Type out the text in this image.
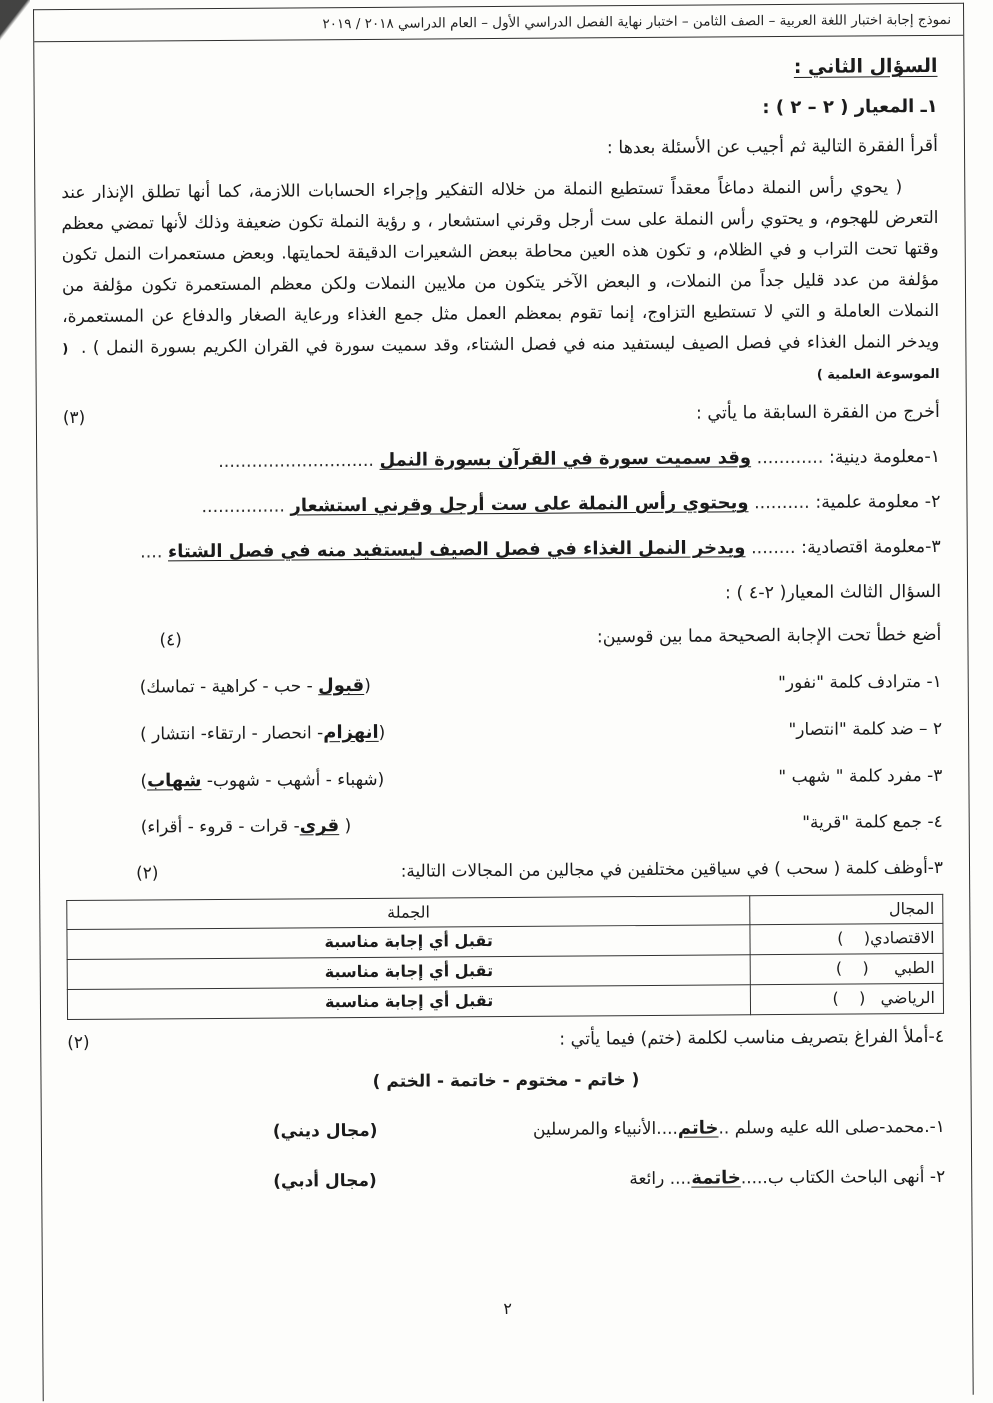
نموذج إجابة اختبار اللغة العربية – الصف الثامن – اختبار نهاية الفصل الدراسي الأول – العام الدراسي ٢٠١٨ / ٢٠١٩
السؤال الثاني :
١ـ المعيار ( ٢ – ٢ ) :
أقرأ الفقرة التالية ثم أجيب عن الأسئلة بعدها :

( يحوي رأس النملة دماغاً معقداً تستطيع النملة من خلاله التفكير وإجراء الحسابات اللازمة، كما أنها تطلق الإنذار عند التعرض للهجوم، و يحتوي رأس النملة على ست أرجل وقرني استشعار ، و رؤية النملة تكون ضعيفة وذلك لأنها تمضي معظم وقتها تحت التراب و في الظلام، و تكون هذه العين محاطة ببعض الشعيرات الدقيقة لحمايتها. وبعض مستعمرات النمل تكون مؤلفة من عدد قليل جداً من النملات، و البعض الآخر يتكون من ملايين النملات ولكن معظم المستعمرة تكون مؤلفة من النملات العاملة و التي لا تستطيع التزاوج، إنما تقوم بمعظم العمل مثل جمع الغذاء ورعاية الصغار والدفاع عن المستعمرة، ويدخر النمل الغذاء في فصل الصيف ليستفيد منه في فصل الشتاء، وقد سميت سورة في القران الكريم بسورة النمل ) . ( الموسوعة العلمية )

أخرج من الفقرة السابقة ما يأتي :
(٣)
١-معلومة دينية: ............ وقد سميت سورة في القرآن بسورة النمل ............................
٢- معلومة علمية: .......... ويحتوي رأس النملة على ست أرجل وقرني استشعار ...............
٣-معلومة اقتصادية: ........ ويدخر النمل الغذاء في فصل الصيف ليستفيد منه في فصل الشتاء ....
السؤال الثالث المعيار( ٢-٤ ) :
أضع خطأ تحت الإجابة الصحيحة مما بين قوسين:
(٤)
١- مترادف كلمة "نفور"
(قبول - حب - كراهية - تماسك)
٢ – ضد كلمة "انتصار"
(انهزام- انحصار - ارتقاء- انتشار )
٣- مفرد كلمة " شهب "
(شهباء - أشهب - شهوب- شهاب)
٤- جمع كلمة "قرية"
( قرى- قرات - قروء - أقراء)
٣-أوظف كلمة ( سحب ) في سياقين مختلفين في مجالين من المجالات التالية:
(٢)
المجال	الجملة
الاقتصادي(    )	تقبل أي إجابة مناسبة
الطبي     (    )	تقبل أي إجابة مناسبة
الرياضي   (    )	تقبل أي إجابة مناسبة
٤-أملأ الفراغ بتصريف مناسب لكلمة (ختم) فيما يأتي :
(٢)
( خاتم - مختوم - خاتمة - الختم )
١-.محمد-صلى الله عليه وسلم ..خاتم....الأنبياء والمرسلين
(مجال ديني)
٢- أنهى الباحث الكتاب ب.....خاتمة.... رائعة
(مجال أدبي)
٢
